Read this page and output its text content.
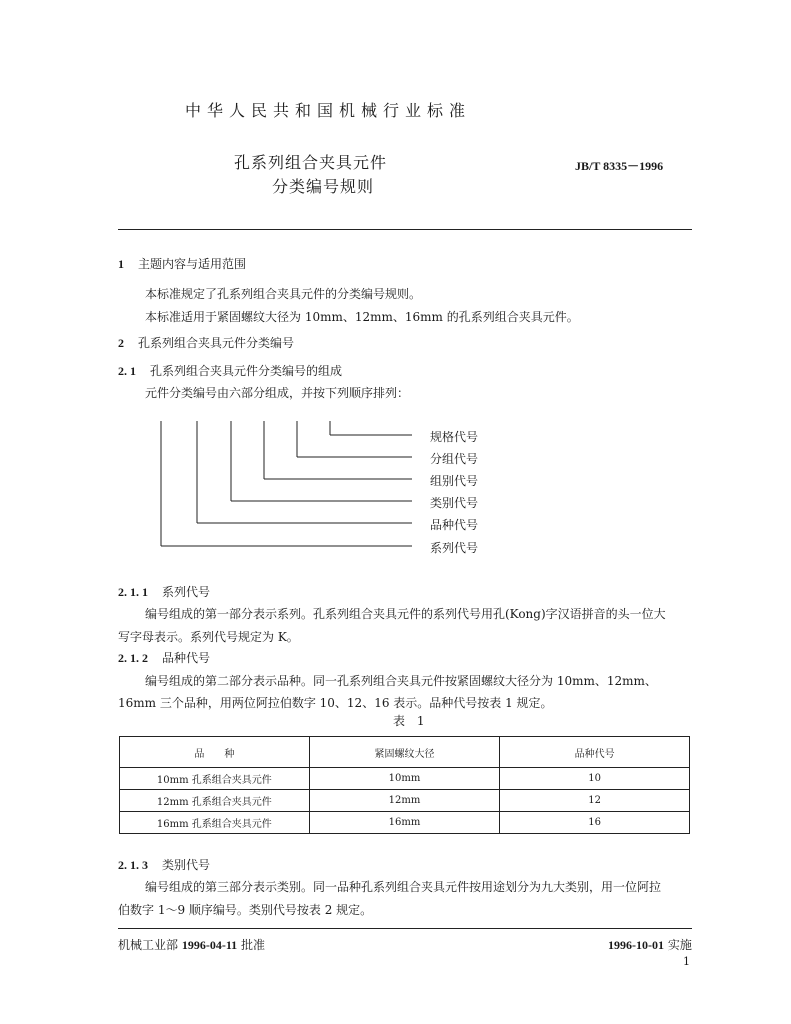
中华人民共和国机械行业标准
孔系列组合夹具元件
分类编号规则
JB/T 8335－1996
1 主题内容与适用范围
本标准规定了孔系列组合夹具元件的分类编号规则。
本标准适用于紧固螺纹大径为 10mm、12mm、16mm 的孔系列组合夹具元件。
2 孔系列组合夹具元件分类编号
2. 1 孔系列组合夹具元件分类编号的组成
元件分类编号由六部分组成，并按下列顺序排列：
规格代号
分组代号
组别代号
类别代号
品种代号
系列代号
2. 1. 1 系列代号
编号组成的第一部分表示系列。孔系列组合夹具元件的系列代号用孔(Kong)字汉语拼音的头一位大
写字母表示。系列代号规定为 K。
2. 1. 2 品种代号
编号组成的第二部分表示品种。同一孔系列组合夹具元件按紧固螺纹大径分为 10mm、12mm、
16mm 三个品种，用两位阿拉伯数字 10、12、16 表示。品种代号按表 1 规定。
表 1
品　　种	紧固螺纹大径	品种代号
10mm 孔系组合夹具元件	10mm	10
12mm 孔系组合夹具元件	12mm	12
16mm 孔系组合夹具元件	16mm	16
2. 1. 3 类别代号
编号组成的第三部分表示类别。同一品种孔系列组合夹具元件按用途划分为九大类别，用一位阿拉
伯数字 1～9 顺序编号。类别代号按表 2 规定。
机械工业部 1996-04-11 批准	1996-10-01 实施
1
